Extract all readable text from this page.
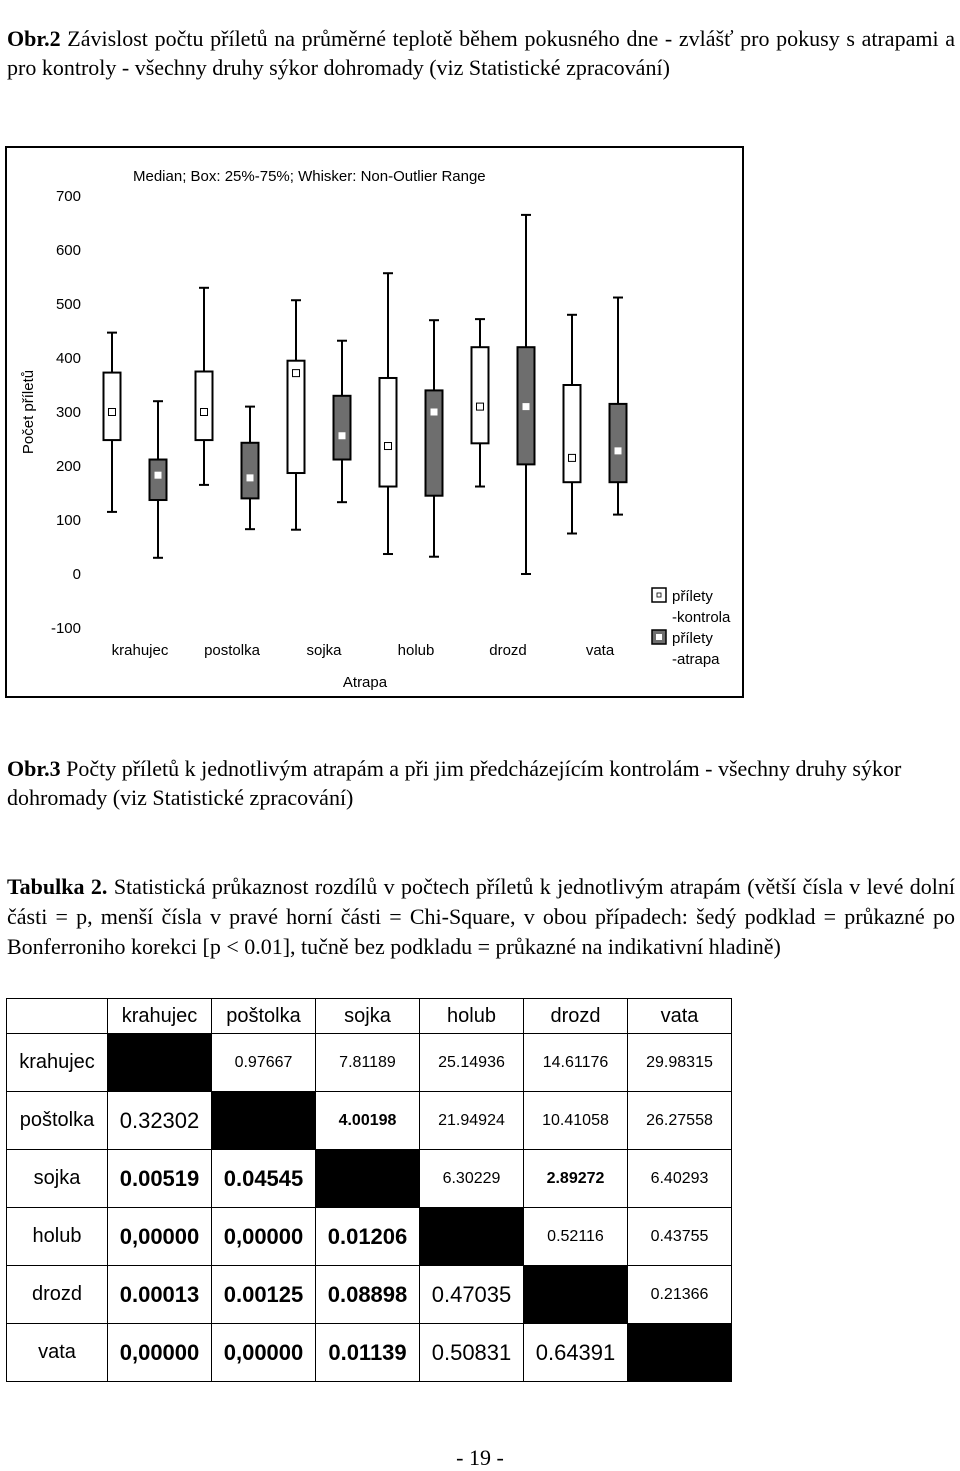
Obr.2 Závislost počtu příletů na průměrné teplotě během pokusného dne - zvlášť pro pokusy s atrapami a pro kontroly - všechny druhy sýkor dohromady (viz Statistické zpracování)

Median; Box: 25%-75%; Whisker: Non-Outlier Range
Počet příletů
700
600
500
400
300
200
100
0
-100
krahujec postolka	sojka	holub	drozd	vata
Atrapa
přílety
-kontrola
přílety
-atrapa

Obr.3 Počty příletů k jednotlivým atrapám a při jim předcházejícím kontrolám - všechny druhy sýkor dohromady (viz Statistické zpracování)

Tabulka 2. Statistická průkaznost rozdílů v počtech příletů k jednotlivým atrapám (větší čísla v levé dolní části = p, menší čísla v pravé horní části = Chi-Square, v obou případech: šedý podklad = průkazné po Bonferroniho korekci [p < 0.01], tučně bez podkladu = průkazné na indikativní hladině)

	krahujec	poštolka	sojka	holub	drozd	vata
krahujec		0.97667	7.81189	25.14936	14.61176	29.98315
poštolka	0.32302		4.00198	21.94924	10.41058	26.27558
sojka	0.00519	0.04545		6.30229	2.89272	6.40293
holub	0,00000	0,00000	0.01206		0.52116	0.43755
drozd	0.00013	0.00125	0.08898	0.47035		0.21366
vata	0,00000	0,00000	0.01139	0.50831	0.64391	
- 19 -
